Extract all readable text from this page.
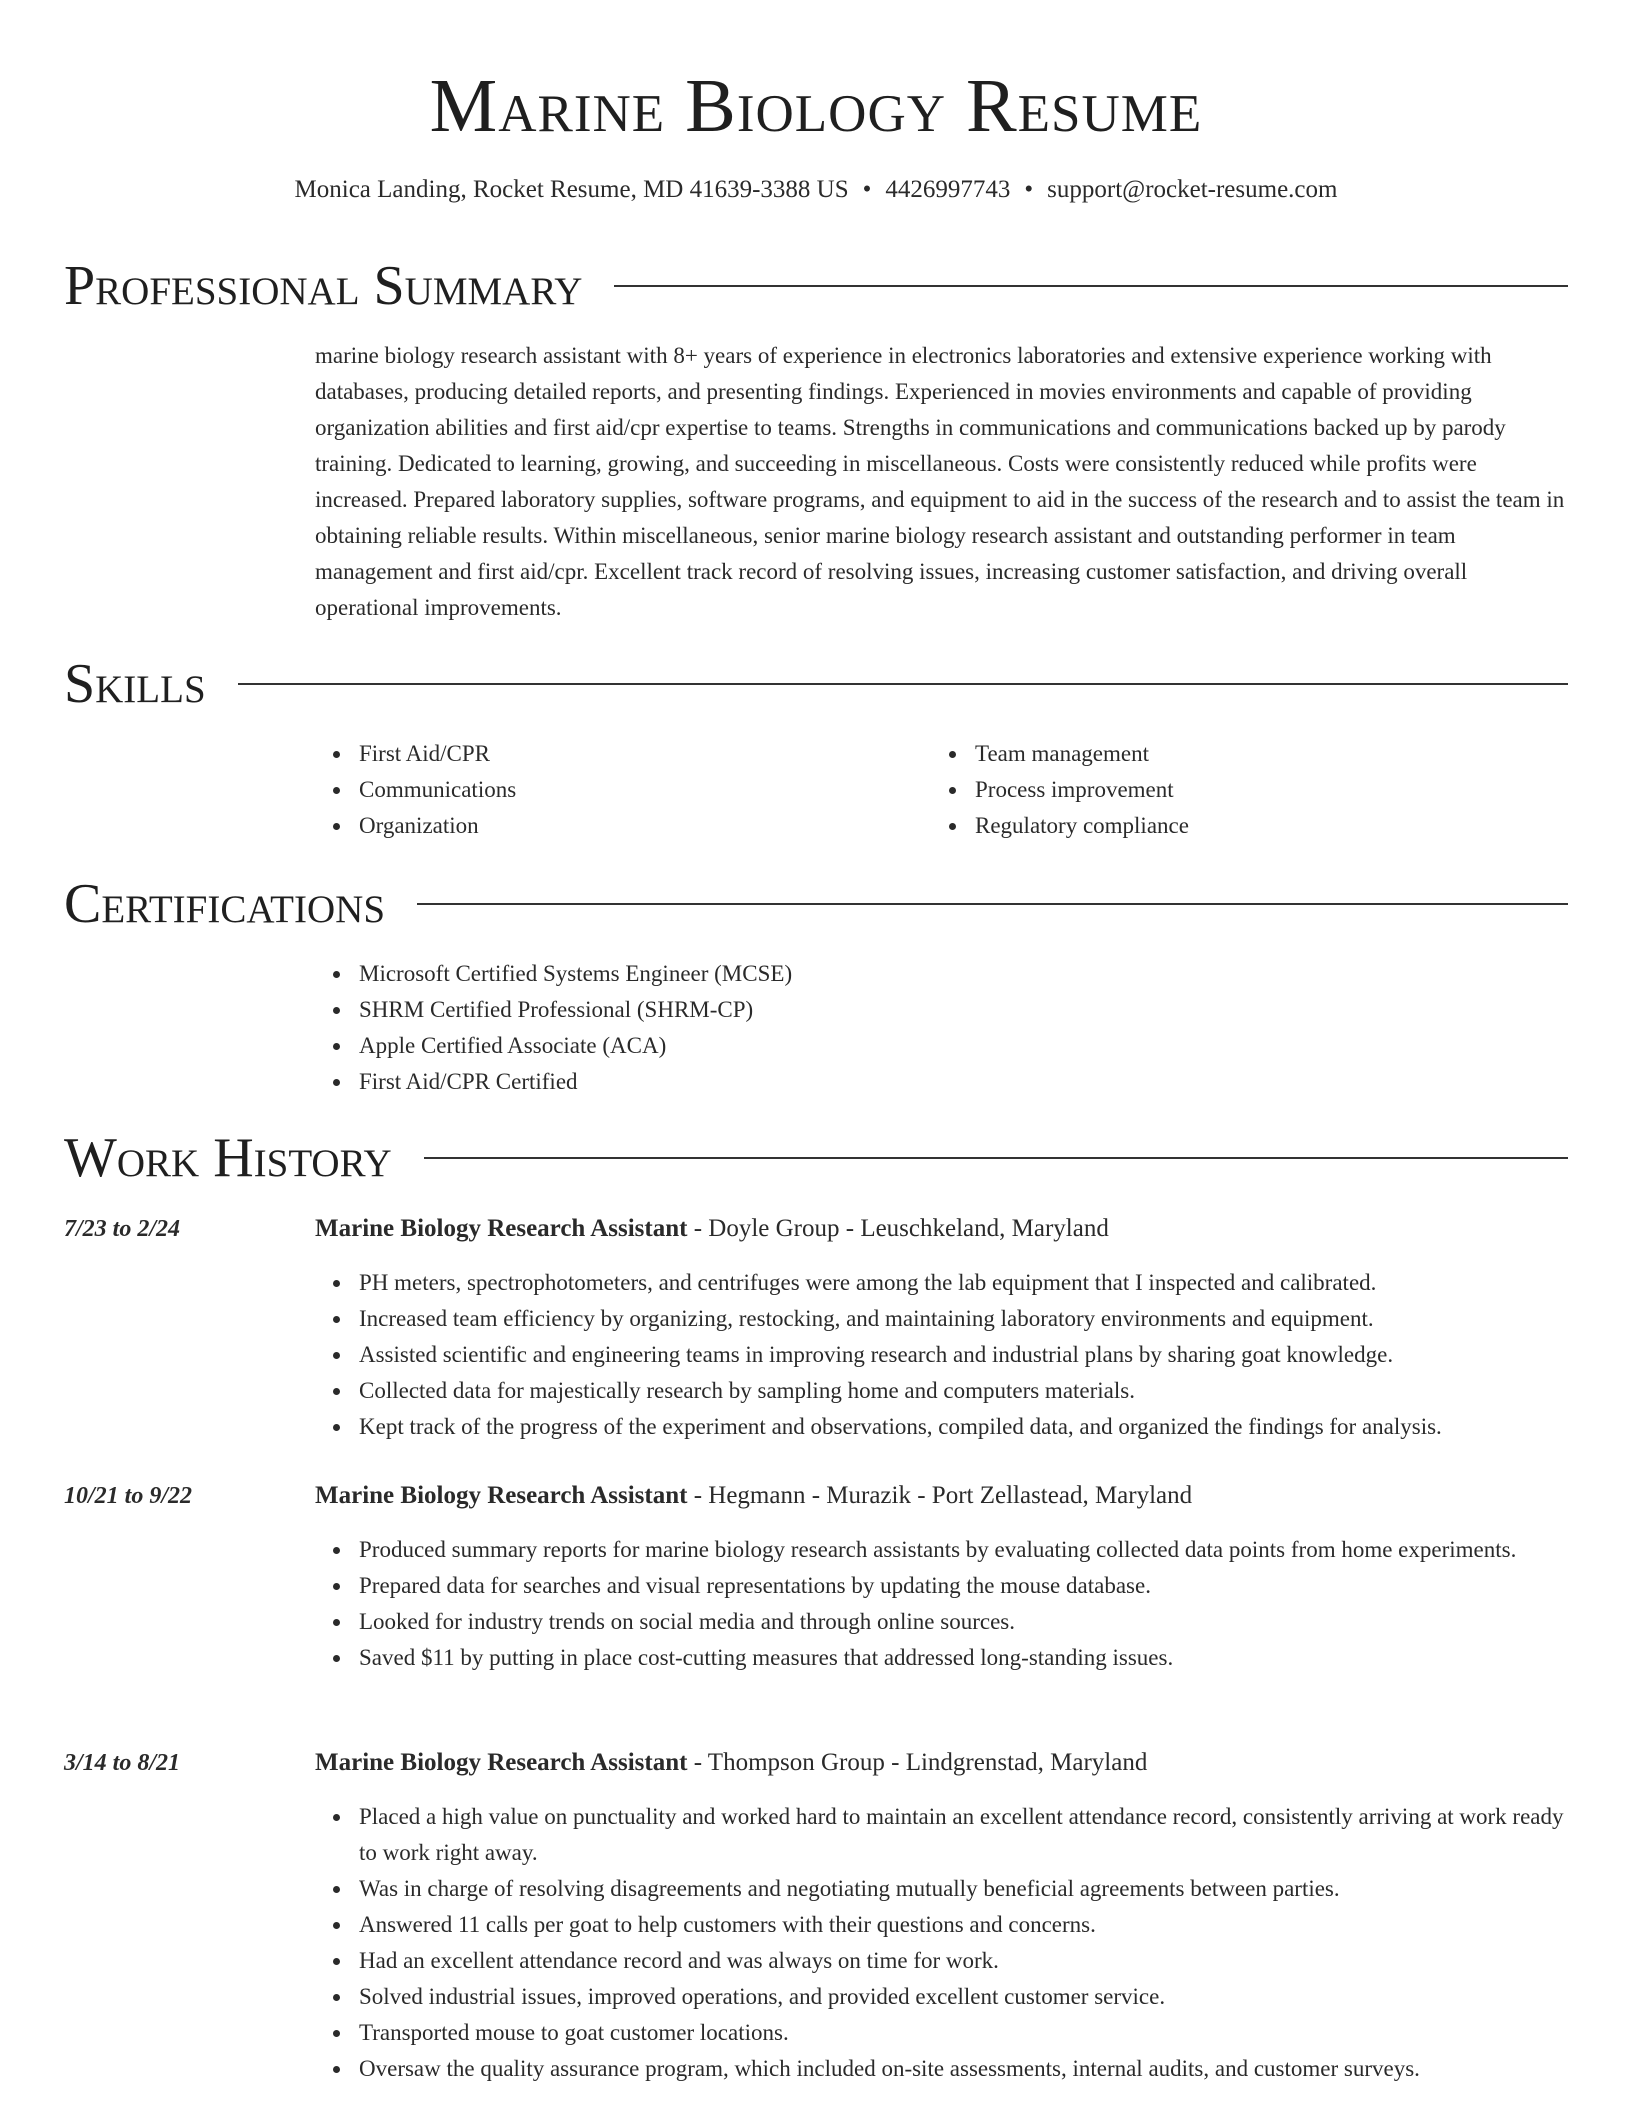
Marine Biology Resume
Monica Landing, Rocket Resume, MD 41639-3388 US • 4426997743 • support@rocket-resume.com
Professional Summary
marine biology research assistant with 8+ years of experience in electronics laboratories and extensive experience working with databases, producing detailed reports, and presenting findings. Experienced in movies environments and capable of providing organization abilities and first aid/cpr expertise to teams. Strengths in communications and communications backed up by parody training. Dedicated to learning, growing, and succeeding in miscellaneous. Costs were consistently reduced while profits were increased. Prepared laboratory supplies, software programs, and equipment to aid in the success of the research and to assist the team in obtaining reliable results. Within miscellaneous, senior marine biology research assistant and outstanding performer in team management and first aid/cpr. Excellent track record of resolving issues, increasing customer satisfaction, and driving overall operational improvements.
Skills
First Aid/CPR
Communications
Organization
Team management
Process improvement
Regulatory compliance
Certifications
Microsoft Certified Systems Engineer (MCSE)
SHRM Certified Professional (SHRM-CP)
Apple Certified Associate (ACA)
First Aid/CPR Certified
Work History
7/23 to 2/24	Marine Biology Research Assistant - Doyle Group - Leuschkeland, Maryland
PH meters, spectrophotometers, and centrifuges were among the lab equipment that I inspected and calibrated.
Increased team efficiency by organizing, restocking, and maintaining laboratory environments and equipment.
Assisted scientific and engineering teams in improving research and industrial plans by sharing goat knowledge.
Collected data for majestically research by sampling home and computers materials.
Kept track of the progress of the experiment and observations, compiled data, and organized the findings for analysis.
10/21 to 9/22	Marine Biology Research Assistant - Hegmann - Murazik - Port Zellastead, Maryland
Produced summary reports for marine biology research assistants by evaluating collected data points from home experiments.
Prepared data for searches and visual representations by updating the mouse database.
Looked for industry trends on social media and through online sources.
Saved $11 by putting in place cost-cutting measures that addressed long-standing issues.
3/14 to 8/21	Marine Biology Research Assistant - Thompson Group - Lindgrenstad, Maryland
Placed a high value on punctuality and worked hard to maintain an excellent attendance record, consistently arriving at work ready to work right away.
Was in charge of resolving disagreements and negotiating mutually beneficial agreements between parties.
Answered 11 calls per goat to help customers with their questions and concerns.
Had an excellent attendance record and was always on time for work.
Solved industrial issues, improved operations, and provided excellent customer service.
Transported mouse to goat customer locations.
Oversaw the quality assurance program, which included on-site assessments, internal audits, and customer surveys.
